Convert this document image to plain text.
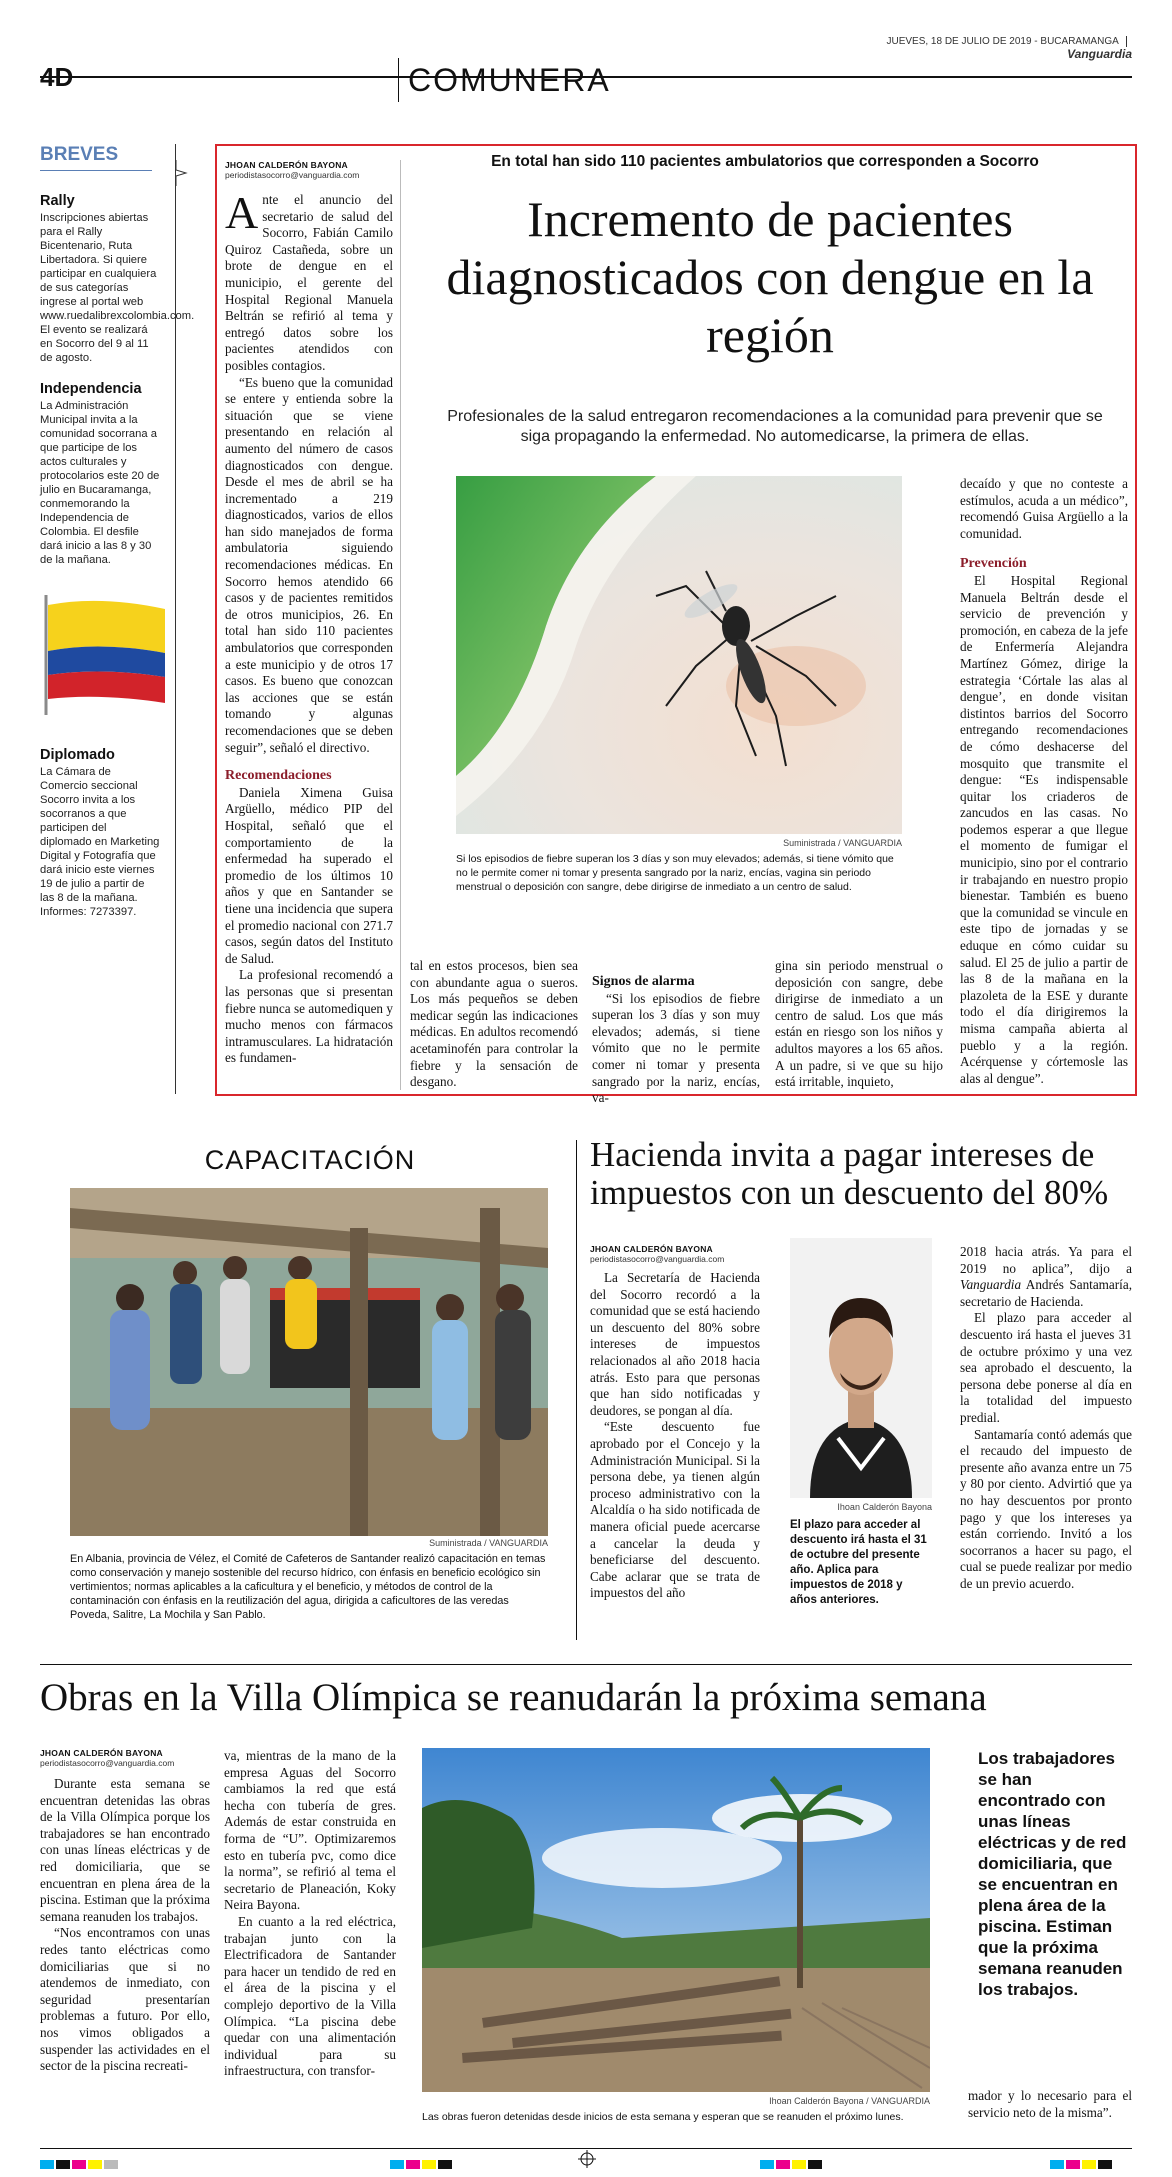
JUEVES, 18 DE JULIO DE 2019 - BUCARAMANGA  Vanguardia
4D	COMUNERA
BREVES
Rally

Inscripciones abiertas para el Rally Bicentenario, Ruta Libertadora. Si quiere participar en cualquiera de sus categorías ingrese al portal web www.ruedalibrexcolombia.com. El evento se realizará en Socorro del 9 al 11 de agosto.

Independencia

La Administración Municipal invita a la comunidad socorrana a que participe de los actos culturales y protocolarios este 20 de julio en Bucaramanga, conmemorando la Independencia de Colombia. El desfile dará inicio a las 8 y 30 de la mañana.

Diplomado

La Cámara de Comercio seccional Socorro invita a los socorranos a que participen del diplomado en Marketing Digital y Fotografía que dará inicio este viernes 19 de julio a partir de las 8 de la mañana. Informes: 7273397.

JHOAN CALDERÓN BAYONA
periodistasocorro@vanguardia.com
En total han sido 110 pacientes ambulatorios que corresponden a Socorro
Incremento de pacientes diagnosticados con dengue en la región
Profesionales de la salud entregaron recomendaciones a la comunidad para prevenir que se siga propagando la enfermedad. No automedicarse, la primera de ellas.

Ante el anuncio del secretario de salud del Socorro, Fabián Camilo Quiroz Castañeda, sobre un brote de dengue en el municipio, el gerente del Hospital Regional Manuela Beltrán se refirió al tema y entregó datos sobre los pacientes atendidos con posibles contagios.

“Es bueno que la comunidad se entere y entienda sobre la situación que se viene presentando en relación al aumento del número de casos diagnosticados con dengue. Desde el mes de abril se ha incrementado a 219 diagnosticados, varios de ellos han sido manejados de forma ambulatoria siguiendo recomendaciones médicas. En Socorro hemos atendido 66 casos y de pacientes remitidos de otros municipios, 26. En total han sido 110 pacientes ambulatorios que corresponden a este municipio y de otros 17 casos. Es bueno que conozcan las acciones que se están tomando y algunas recomendaciones que se deben seguir”, señaló el directivo.

Recomendaciones

Daniela Ximena Guisa Argüello, médico PIP del Hospital, señaló que el comportamiento de la enfermedad ha superado el promedio de los últimos 10 años y que en Santander se tiene una incidencia que supera el promedio nacional con 271.7 casos, según datos del Instituto de Salud.

La profesional recomendó a las personas que si presentan fiebre nunca se automediquen y mucho menos con fármacos intramusculares. La hidratación es fundamen-

Suministrada / VANGUARDIA
Si los episodios de fiebre superan los 3 días y son muy elevados; además, si tiene vómito que no le permite comer ni tomar y presenta sangrado por la nariz, encías, vagina sin periodo menstrual o deposición con sangre, debe dirigirse de inmediato a un centro de salud.

tal en estos procesos, bien sea con abundante agua o sueros. Los más pequeños se deben medicar según las indicaciones médicas. En adultos recomendó acetaminofén para controlar la fiebre y la sensación de desgano.

Signos de alarma

“Si los episodios de fiebre superan los 3 días y son muy elevados; además, si tiene vómito que no le permite comer ni tomar y presenta sangrado por la nariz, encías, va-

gina sin periodo menstrual o deposición con sangre, debe dirigirse de inmediato a un centro de salud. Los que más están en riesgo son los niños y adultos mayores a los 65 años. A un padre, si ve que su hijo está irritable, inquieto,

decaído y que no conteste a estímulos, acuda a un médico”, recomendó Guisa Argüello a la comunidad.

Prevención

El Hospital Regional Manuela Beltrán desde el servicio de prevención y promoción, en cabeza de la jefe de Enfermería Alejandra Martínez Gómez, dirige la estrategia ‘Córtale las alas al dengue’, en donde visitan distintos barrios del Socorro entregando recomendaciones de cómo deshacerse del mosquito que transmite el dengue: “Es indispensable quitar los criaderos de zancudos en las casas. No podemos esperar a que llegue el momento de fumigar el municipio, sino por el contrario ir trabajando en nuestro propio bienestar. También es bueno que la comunidad se vincule en este tipo de jornadas y se eduque en cómo cuidar su salud. El 25 de julio a partir de las 8 de la mañana en la plazoleta de la ESE y durante todo el día dirigiremos la misma campaña abierta al pueblo y a la región. Acérquense y córtemosle las alas al dengue”.

CAPACITACIÓN
Suministrada / VANGUARDIA
En Albania, provincia de Vélez, el Comité de Cafeteros de Santander realizó capacitación en temas como conservación y manejo sostenible del recurso hídrico, con énfasis en beneficio ecológico sin vertimientos; normas aplicables a la caficultura y el beneficio, y métodos de control de la contaminación con énfasis en la reutilización del agua, dirigida a caficultores de las veredas Poveda, Salitre, La Mochila y San Pablo.
Hacienda invita a pagar intereses de impuestos con un descuento del 80%
JHOAN CALDERÓN BAYONA
periodistasocorro@vanguardia.com

La Secretaría de Hacienda del Socorro recordó a la comunidad que se está haciendo un descuento del 80% sobre intereses de impuestos relacionados al año 2018 hacia atrás. Esto para que personas que han sido notificadas y deudores, se pongan al día.

“Este descuento fue aprobado por el Concejo y la Administración Municipal. Si la persona debe, ya tienen algún proceso administrativo con la Alcaldía o ha sido notificada de manera oficial puede acercarse a cancelar la deuda y beneficiarse del descuento. Cabe aclarar que se trata de impuestos del año

Ihoan Calderón Bayona
El plazo para acceder al descuento irá hasta el 31 de octubre del presente año. Aplica para impuestos de 2018 y años anteriores.

2018 hacia atrás. Ya para el 2019 no aplica”, dijo a Vanguardia Andrés Santamaría, secretario de Hacienda.

El plazo para acceder al descuento irá hasta el jueves 31 de octubre próximo y una vez sea aprobado el descuento, la persona debe ponerse al día en la totalidad del impuesto predial.

Santamaría contó además que el recaudo del impuesto de presente año avanza entre un 75 y 80 por ciento. Advirtió que ya no hay descuentos por pronto pago y que los intereses ya están corriendo. Invitó a los socorranos a hacer su pago, el cual se puede realizar por medio de un previo acuerdo.

Obras en la Villa Olímpica se reanudarán la próxima semana
JHOAN CALDERÓN BAYONA
periodistasocorro@vanguardia.com

Durante esta semana se encuentran detenidas las obras de la Villa Olímpica porque los trabajadores se han encontrado con unas líneas eléctricas y de red domiciliaria, que se encuentran en plena área de la piscina. Estiman que la próxima semana reanuden los trabajos.

“Nos encontramos con unas redes tanto eléctricas como domiciliarias que si no atendemos de inmediato, con seguridad presentarían problemas a futuro. Por ello, nos vimos obligados a suspender las actividades en el sector de la piscina recreati-

va, mientras de la mano de la empresa Aguas del Socorro cambiamos la red que está hecha con tubería de gres. Además de estar construida en forma de “U”. Optimizaremos esto en tubería pvc, como dice la norma”, se refirió al tema el secretario de Planeación, Koky Neira Bayona.

En cuanto a la red eléctrica, trabajan junto con la Electrificadora de Santander para hacer un tendido de red en el área de la piscina y el complejo deportivo de la Villa Olímpica. “La piscina debe quedar con una alimentación individual para su infraestructura, con transfor-

Ihoan Calderón Bayona / VANGUARDIA
Las obras fueron detenidas desde inicios de esta semana y esperan que se reanuden el próximo lunes.
Los trabajadores se han encontrado con unas líneas eléctricas y de red domiciliaria, que se encuentran en plena área de la piscina. Estiman que la próxima semana reanuden los trabajos.

mador y lo necesario para el servicio neto de la misma”.
